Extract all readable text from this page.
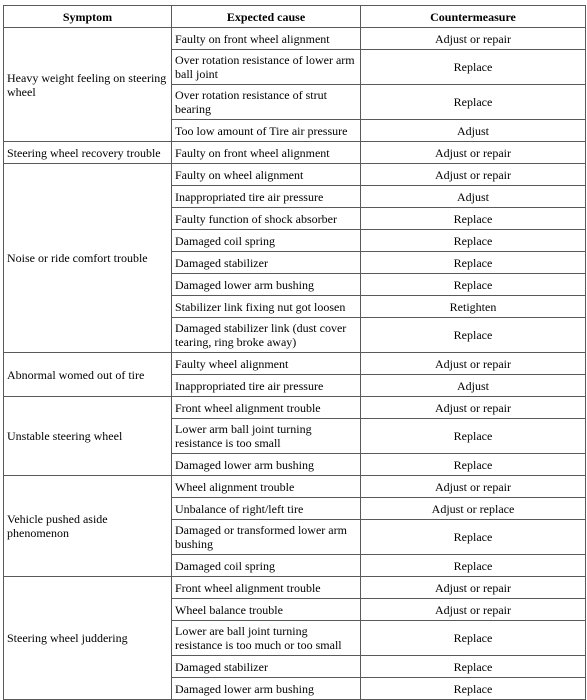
Symptom	Expected cause	Countermeasure
Heavy weight feeling on steering wheel	Faulty on front wheel alignment	Adjust or repair
	Over rotation resistance of lower arm ball joint	Replace
	Over rotation resistance of strut bearing	Replace
	Too low amount of Tire air pressure	Adjust
Steering wheel recovery trouble	Faulty on front wheel alignment	Adjust or repair
Noise or ride comfort trouble	Faulty on wheel alignment	Adjust or repair
	Inappropriated tire air pressure	Adjust
	Faulty function of shock absorber	Replace
	Damaged coil spring	Replace
	Damaged stabilizer	Replace
	Damaged lower arm bushing	Replace
	Stabilizer link fixing nut got loosen	Retighten
	Damaged stabilizer link (dust cover tearing, ring broke away)	Replace
Abnormal womed out of tire	Faulty wheel alignment	Adjust or repair
	Inappropriated tire air pressure	Adjust
Unstable steering wheel	Front wheel alignment trouble	Adjust or repair
	Lower arm ball joint turning resistance is too small	Replace
	Damaged lower arm bushing	Replace
Vehicle pushed aside phenomenon	Wheel alignment trouble	Adjust or repair
	Unbalance of right/left tire	Adjust or replace
	Damaged or transformed lower arm bushing	Replace
	Damaged coil spring	Replace
Steering wheel juddering	Front wheel alignment trouble	Adjust or repair
	Wheel balance trouble	Adjust or repair
	Lower are ball joint turning resistance is too much or too small	Replace
	Damaged stabilizer	Replace
	Damaged lower arm bushing	Replace
